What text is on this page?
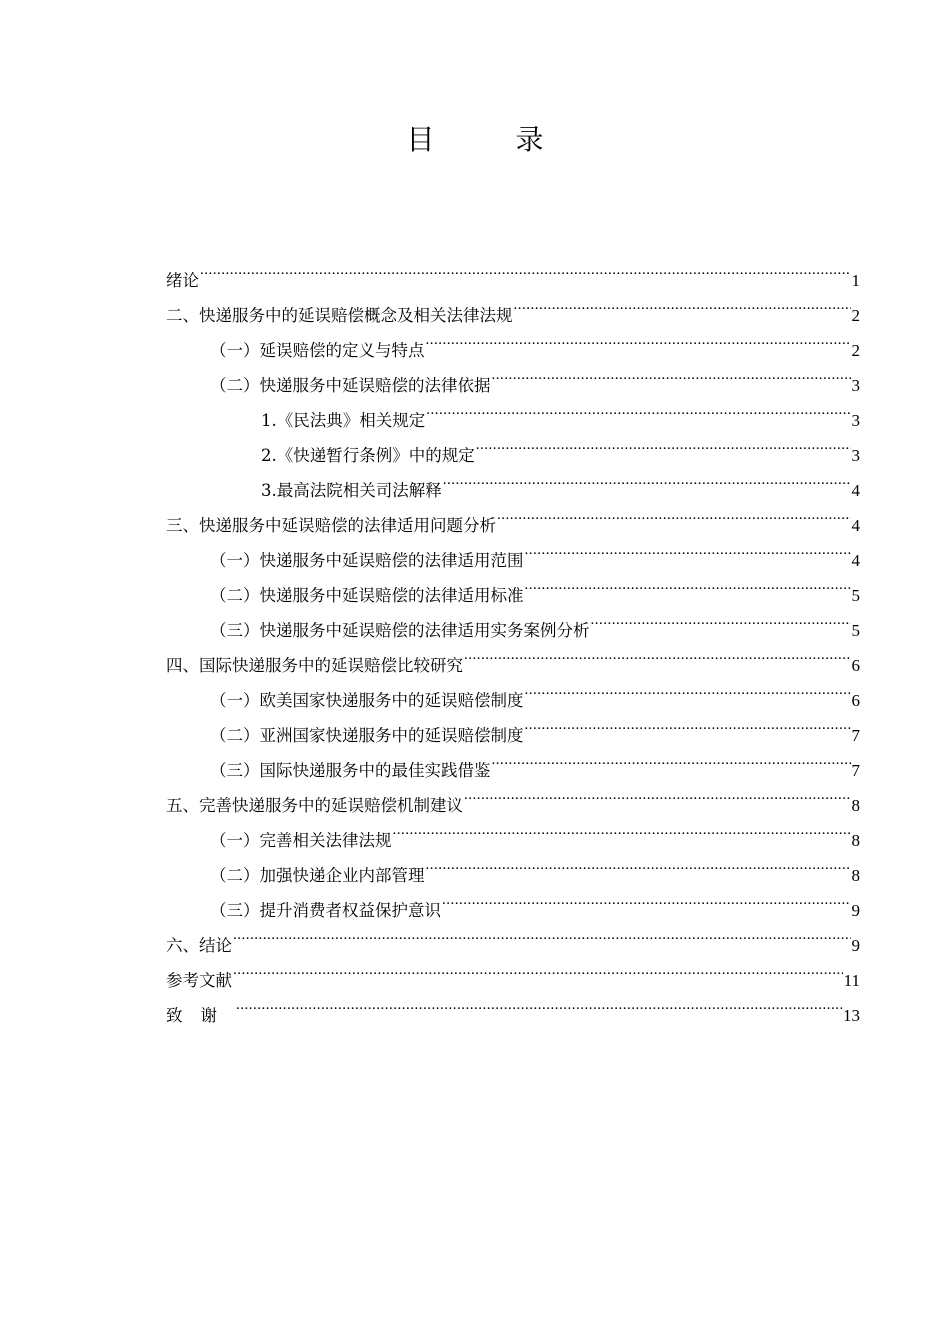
目 录
绪论 .....	1
二、快递服务中的延误赔偿概念及相关法律法规 .....	2
（一）延误赔偿的定义与特点 .....	2
（二）快递服务中延误赔偿的法律依据 .....	3
1.《民法典》相关规定 .....	3
2.《快递暂行条例》中的规定 .....	3
3.最高法院相关司法解释 .....	4
三、快递服务中延误赔偿的法律适用问题分析 .....	4
（一）快递服务中延误赔偿的法律适用范围 .....	4
（二）快递服务中延误赔偿的法律适用标准 .....	5
（三）快递服务中延误赔偿的法律适用实务案例分析 .....	5
四、国际快递服务中的延误赔偿比较研究 .....	6
（一）欧美国家快递服务中的延误赔偿制度 .....	6
（二）亚洲国家快递服务中的延误赔偿制度 .....	7
（三）国际快递服务中的最佳实践借鉴 .....	7
五、完善快递服务中的延误赔偿机制建议 .....	8
（一）完善相关法律法规 .....	8
（二）加强快递企业内部管理 .....	8
（三）提升消费者权益保护意识 .....	9
六、结论 .....	9
参考文献 .....	11
致谢 .....	13
